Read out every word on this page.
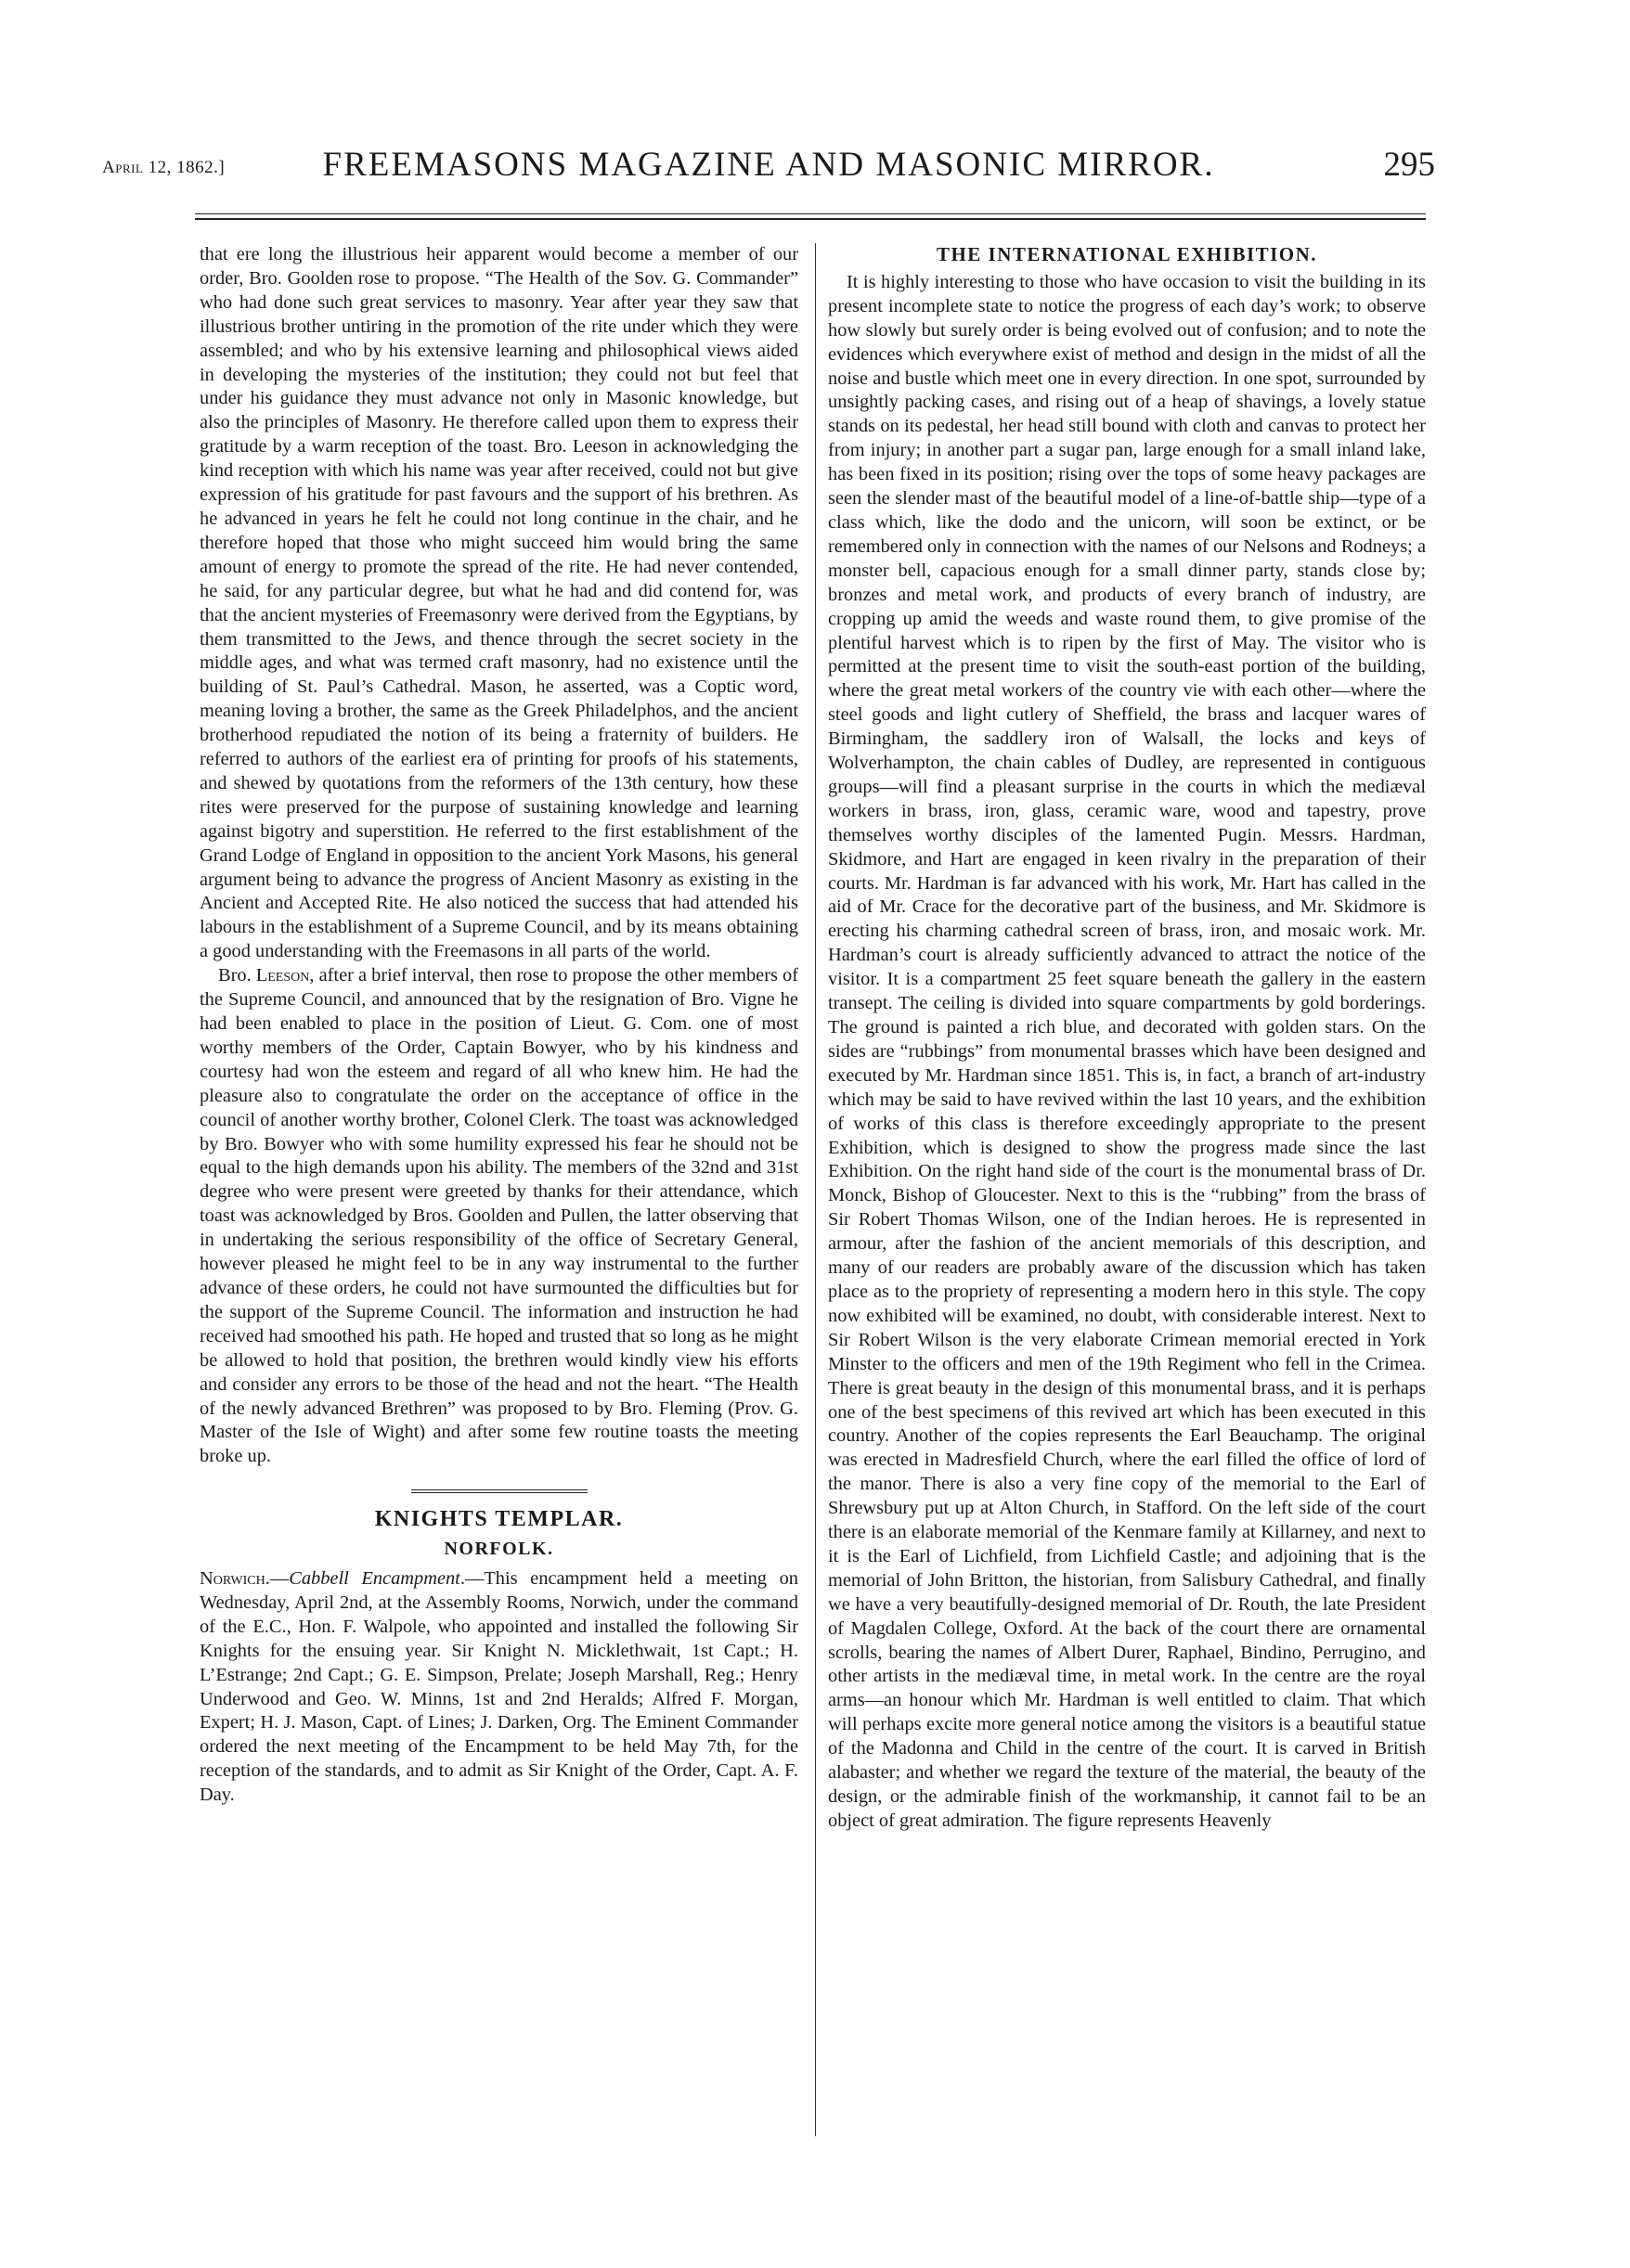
April 12, 1862.]	FREEMASONS MAGAZINE AND MASONIC MIRROR.	295

that ere long the illustrious heir apparent would become a member of our order, Bro. Goolden rose to propose. “The Health of the Sov. G. Commander” who had done such great services to masonry. Year after year they saw that illustrious brother untiring in the promotion of the rite under which they were assembled; and who by his extensive learning and philosophical views aided in developing the mysteries of the institution; they could not but feel that under his guidance they must advance not only in Masonic knowledge, but also the principles of Masonry. He therefore called upon them to express their gratitude by a warm reception of the toast. Bro. Leeson in acknowledging the kind reception with which his name was year after received, could not but give expression of his gratitude for past favours and the support of his brethren. As he advanced in years he felt he could not long continue in the chair, and he therefore hoped that those who might succeed him would bring the same amount of energy to promote the spread of the rite. He had never contended, he said, for any particular degree, but what he had and did contend for, was that the ancient mysteries of Freemasonry were derived from the Egyptians, by them transmitted to the Jews, and thence through the secret society in the middle ages, and what was termed craft masonry, had no existence until the building of St. Paul’s Cathedral. Mason, he asserted, was a Coptic word, meaning loving a brother, the same as the Greek Philadelphos, and the ancient brotherhood repudiated the notion of its being a fraternity of builders. He referred to authors of the earliest era of printing for proofs of his statements, and shewed by quotations from the reformers of the 13th century, how these rites were preserved for the purpose of sustaining knowledge and learning against bigotry and superstition. He referred to the first establishment of the Grand Lodge of England in opposition to the ancient York Masons, his general argument being to advance the progress of Ancient Masonry as existing in the Ancient and Accepted Rite. He also noticed the success that had attended his labours in the establishment of a Supreme Council, and by its means obtaining a good understanding with the Freemasons in all parts of the world.

Bro. Leeson, after a brief interval, then rose to propose the other members of the Supreme Council, and announced that by the resignation of Bro. Vigne he had been enabled to place in the position of Lieut. G. Com. one of most worthy members of the Order, Captain Bowyer, who by his kindness and courtesy had won the esteem and regard of all who knew him. He had the pleasure also to congratulate the order on the acceptance of office in the council of another worthy brother, Colonel Clerk. The toast was acknowledged by Bro. Bowyer who with some humility expressed his fear he should not be equal to the high demands upon his ability. The members of the 32nd and 31st degree who were present were greeted by thanks for their attendance, which toast was acknowledged by Bros. Goolden and Pullen, the latter observing that in undertaking the serious responsibility of the office of Secretary General, however pleased he might feel to be in any way instrumental to the further advance of these orders, he could not have surmounted the difficulties but for the support of the Supreme Council. The information and instruction he had received had smoothed his path. He hoped and trusted that so long as he might be allowed to hold that position, the brethren would kindly view his efforts and consider any errors to be those of the head and not the heart. “The Health of the newly advanced Brethren” was proposed to by Bro. Fleming (Prov. G. Master of the Isle of Wight) and after some few routine toasts the meeting broke up.

KNIGHTS TEMPLAR.
NORFOLK.

Norwich.—Cabbell Encampment.—This encampment held a meeting on Wednesday, April 2nd, at the Assembly Rooms, Norwich, under the command of the E.C., Hon. F. Walpole, who appointed and installed the following Sir Knights for the ensuing year. Sir Knight N. Micklethwait, 1st Capt.; H. L’Estrange; 2nd Capt.; G. E. Simpson, Prelate; Joseph Marshall, Reg.; Henry Underwood and Geo. W. Minns, 1st and 2nd Heralds; Alfred F. Morgan, Expert; H. J. Mason, Capt. of Lines; J. Darken, Org. The Eminent Commander ordered the next meeting of the Encampment to be held May 7th, for the reception of the standards, and to admit as Sir Knight of the Order, Capt. A. F. Day.

THE INTERNATIONAL EXHIBITION.

It is highly interesting to those who have occasion to visit the building in its present incomplete state to notice the progress of each day’s work; to observe how slowly but surely order is being evolved out of confusion; and to note the evidences which everywhere exist of method and design in the midst of all the noise and bustle which meet one in every direction. In one spot, surrounded by unsightly packing cases, and rising out of a heap of shavings, a lovely statue stands on its pedestal, her head still bound with cloth and canvas to protect her from injury; in another part a sugar pan, large enough for a small inland lake, has been fixed in its position; rising over the tops of some heavy packages are seen the slender mast of the beautiful model of a line-of-battle ship—type of a class which, like the dodo and the unicorn, will soon be extinct, or be remembered only in connection with the names of our Nelsons and Rodneys; a monster bell, capacious enough for a small dinner party, stands close by; bronzes and metal work, and products of every branch of industry, are cropping up amid the weeds and waste round them, to give promise of the plentiful harvest which is to ripen by the first of May. The visitor who is permitted at the present time to visit the south-east portion of the building, where the great metal workers of the country vie with each other—where the steel goods and light cutlery of Sheffield, the brass and lacquer wares of Birmingham, the saddlery iron of Walsall, the locks and keys of Wolverhampton, the chain cables of Dudley, are represented in contiguous groups—will find a pleasant surprise in the courts in which the mediæval workers in brass, iron, glass, ceramic ware, wood and tapestry, prove themselves worthy disciples of the lamented Pugin. Messrs. Hardman, Skidmore, and Hart are engaged in keen rivalry in the preparation of their courts. Mr. Hardman is far advanced with his work, Mr. Hart has called in the aid of Mr. Crace for the decorative part of the business, and Mr. Skidmore is erecting his charming cathedral screen of brass, iron, and mosaic work. Mr. Hardman’s court is already sufficiently advanced to attract the notice of the visitor. It is a compartment 25 feet square beneath the gallery in the eastern transept. The ceiling is divided into square compartments by gold borderings. The ground is painted a rich blue, and decorated with golden stars. On the sides are “rubbings” from monumental brasses which have been designed and executed by Mr. Hardman since 1851. This is, in fact, a branch of art-industry which may be said to have revived within the last 10 years, and the exhibition of works of this class is therefore exceedingly appropriate to the present Exhibition, which is designed to show the progress made since the last Exhibition. On the right hand side of the court is the monumental brass of Dr. Monck, Bishop of Gloucester. Next to this is the “rubbing” from the brass of Sir Robert Thomas Wilson, one of the Indian heroes. He is represented in armour, after the fashion of the ancient memorials of this description, and many of our readers are probably aware of the discussion which has taken place as to the propriety of representing a modern hero in this style. The copy now exhibited will be examined, no doubt, with considerable interest. Next to Sir Robert Wilson is the very elaborate Crimean memorial erected in York Minster to the officers and men of the 19th Regiment who fell in the Crimea. There is great beauty in the design of this monumental brass, and it is perhaps one of the best specimens of this revived art which has been executed in this country. Another of the copies represents the Earl Beauchamp. The original was erected in Madresfield Church, where the earl filled the office of lord of the manor. There is also a very fine copy of the memorial to the Earl of Shrewsbury put up at Alton Church, in Stafford. On the left side of the court there is an elaborate memorial of the Kenmare family at Killarney, and next to it is the Earl of Lichfield, from Lichfield Castle; and adjoining that is the memorial of John Britton, the historian, from Salisbury Cathedral, and finally we have a very beautifully-designed memorial of Dr. Routh, the late President of Magdalen College, Oxford. At the back of the court there are ornamental scrolls, bearing the names of Albert Durer, Raphael, Bindino, Perrugino, and other artists in the mediæval time, in metal work. In the centre are the royal arms—an honour which Mr. Hardman is well entitled to claim. That which will perhaps excite more general notice among the visitors is a beautiful statue of the Madonna and Child in the centre of the court. It is carved in British alabaster; and whether we regard the texture of the material, the beauty of the design, or the admirable finish of the workmanship, it cannot fail to be an object of great admiration. The figure represents Heavenly
